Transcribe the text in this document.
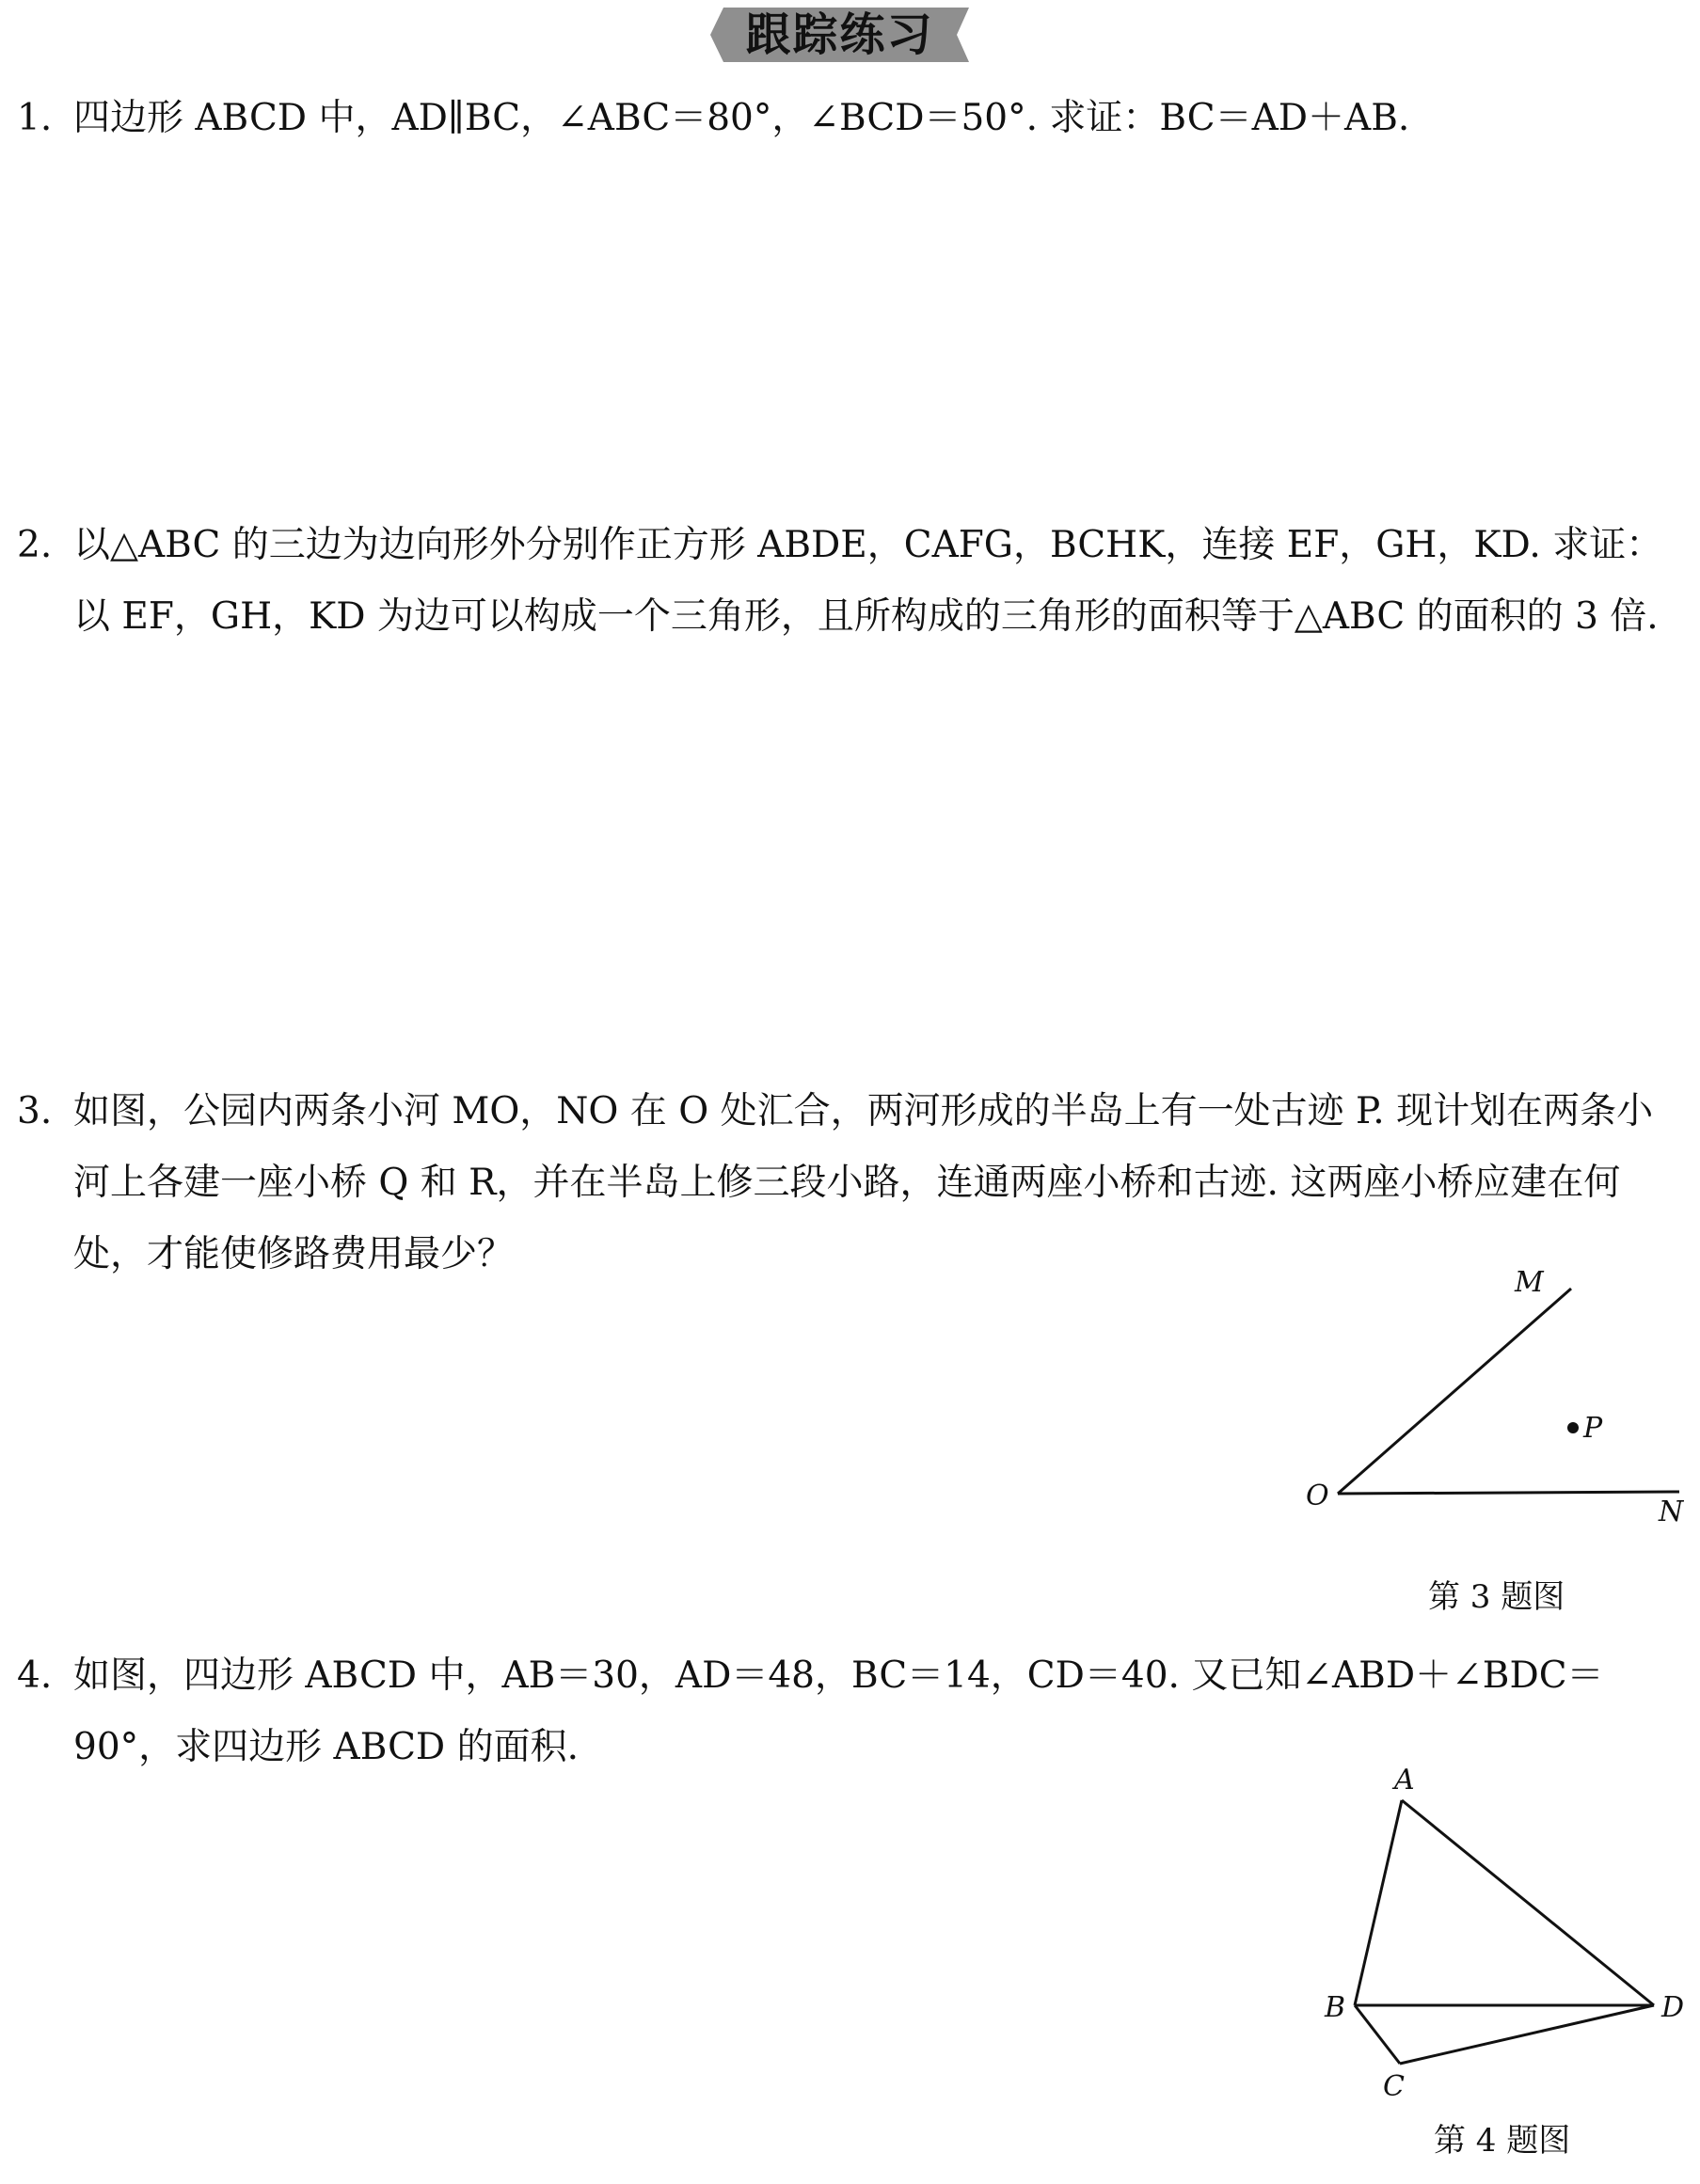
跟踪练习
1. 四边形 ABCD 中，AD∥BC，∠ABC＝80°，∠BCD＝50°. 求证：BC＝AD＋AB.
2. 以△ABC 的三边为边向形外分别作正方形 ABDE，CAFG，BCHK，连接 EF，GH，KD. 求证：以 EF，GH，KD 为边可以构成一个三角形，且所构成的三角形的面积等于△ABC 的面积的 3 倍.
3. 如图，公园内两条小河 MO，NO 在 O 处汇合，两河形成的半岛上有一处古迹 P. 现计划在两条小河上各建一座小桥 Q 和 R，并在半岛上修三段小路，连通两座小桥和古迹. 这两座小桥应建在何处，才能使修路费用最少？
M
P
O	N
第 3 题图
4. 如图，四边形 ABCD 中，AB＝30，AD＝48，BC＝14，CD＝40. 又已知∠ABD＋∠BDC＝90°，求四边形 ABCD 的面积.
A
B
C
D
第 4 题图
